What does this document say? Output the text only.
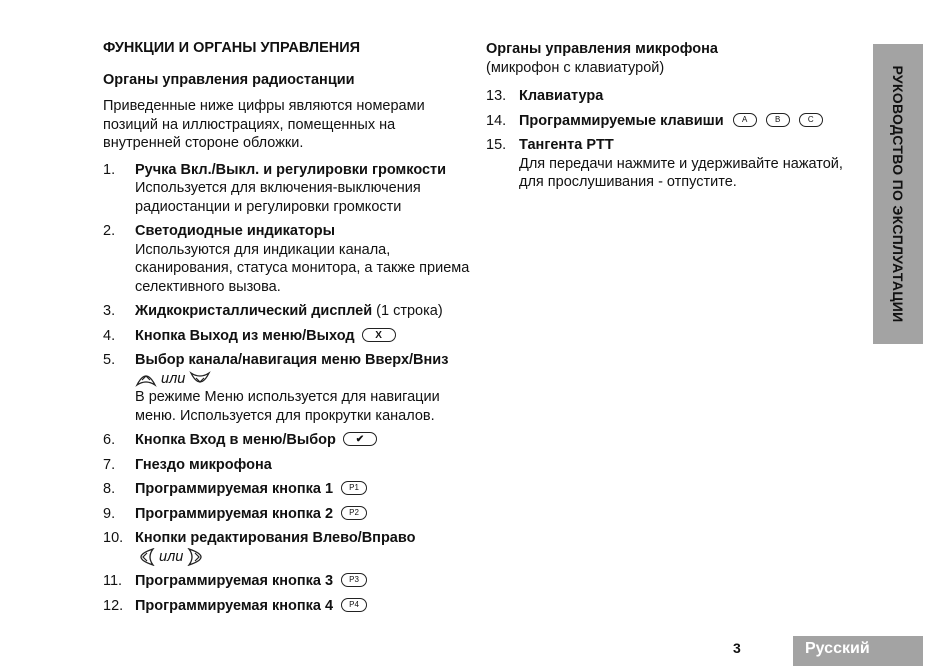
ФУНКЦИИ И ОРГАНЫ УПРАВЛЕНИЯ
Органы управления радиостанции
Приведенные ниже цифры являются номерами позиций на иллюстрациях, помещенных на внутренней стороне обложки.
1.	Ручка Вкл./Выкл. и регулировки громкости
Используется для включения-выключения радиостанции и регулировки громкости
2.	Светодиодные индикаторы
Используются для индикации канала, сканирования, статуса монитора, а также приема селективного вызова.
3.	Жидкокристаллический дисплей (1 строка)
4.	Кнопка Выход из меню/Выход X
5.	Выбор канала/навигация меню Вверх/Вниз
или
В режиме Меню используется для навигации меню. Используется для прокрутки каналов.
6.	Кнопка Вход в меню/Выбор ✔
7.	Гнездо микрофона
8.	Программируемая кнопка 1 P1
9.	Программируемая кнопка 2 P2
10. Кнопки редактирования Влево/Вправо
или
11. Программируемая кнопка 3 P3
12. Программируемая кнопка 4 P4
Органы управления микрофона
(микрофон с клавиатурой)
13. Клавиатура
14. Программируемые клавиши A	B	C
15. Тангента PTT
Для передачи нажмите и удерживайте нажатой, для прослушивания - отпустите.	РУКОВОДСТВО ПО ЭКСПЛУАТАЦИИ
3	Русский
